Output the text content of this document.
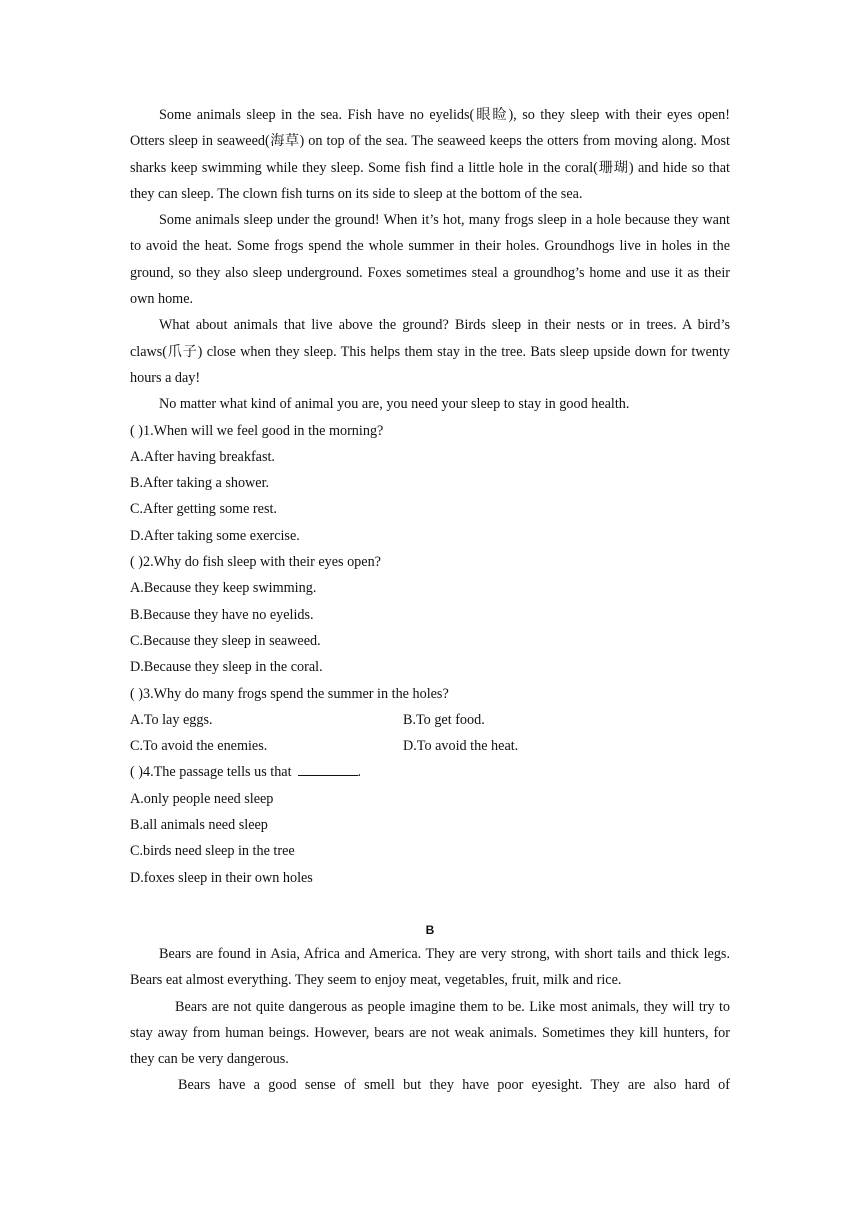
Some animals sleep in the sea. Fish have no eyelids(眼睑), so they sleep with their eyes open! Otters sleep in seaweed(海草) on top of the sea. The seaweed keeps the otters from moving along. Most sharks keep swimming while they sleep. Some fish find a little hole in the coral(珊瑚) and hide so that they can sleep. The clown fish turns on its side to sleep at the bottom of the sea.

Some animals sleep under the ground! When it’s hot, many frogs sleep in a hole because they want to avoid the heat. Some frogs spend the whole summer in their holes. Groundhogs live in holes in the ground, so they also sleep underground. Foxes sometimes steal a groundhog’s home and use it as their own home.

What about animals that live above the ground? Birds sleep in their nests or in trees. A bird’s claws(爪子) close when they sleep. This helps them stay in the tree. Bats sleep upside down for twenty hours a day!

No matter what kind of animal you are, you need your sleep to stay in good health.

( )1.When will we feel good in the morning?

A.After having breakfast.

B.After taking a shower.

C.After getting some rest.

D.After taking some exercise.

( )2.Why do fish sleep with their eyes open?

A.Because they keep swimming.

B.Because they have no eyelids.

C.Because they sleep in seaweed.

D.Because they sleep in the coral.

( )3.Why do many frogs spend the summer in the holes?

A.To lay eggs.	B.To get food.
C.To avoid the enemies.	D.To avoid the heat.

( )4.The passage tells us that	.

A.only people need sleep

B.all animals need sleep

C.birds need sleep in the tree

D.foxes sleep in their own holes

B

Bears are found in Asia, Africa and America. They are very strong, with short tails and thick legs. Bears eat almost everything. They seem to enjoy meat, vegetables, fruit, milk and rice.

Bears are not quite dangerous as people imagine them to be. Like most animals, they will try to stay away from human beings. However, bears are not weak animals. Sometimes they kill hunters, for they can be very dangerous.

Bears have a good sense of smell but they have poor eyesight. They are also hard of
